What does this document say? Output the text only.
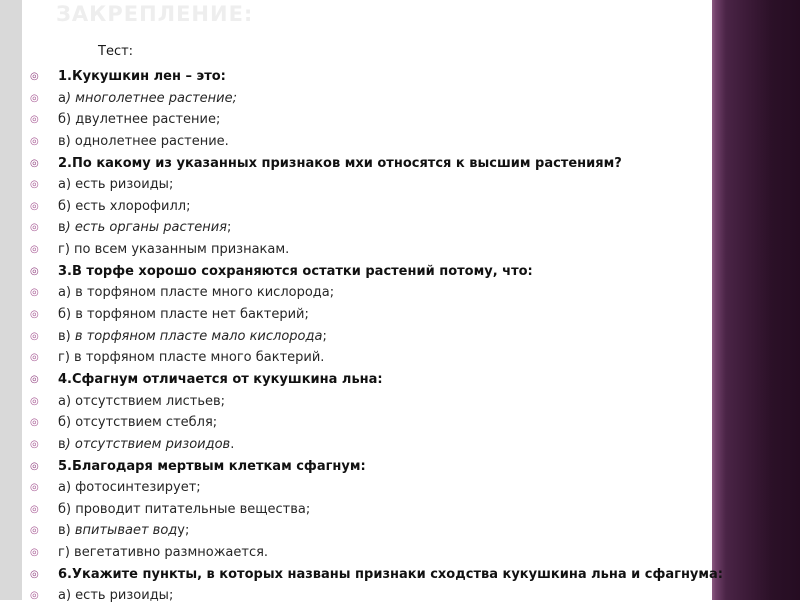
ЗАКРЕПЛЕНИЕ:

Тест:

◎ 1.Кукушкин лен – это:
◎ а) многолетнее растение;
◎ б) двулетнее растение;
◎ в) однолетнее растение.
◎ 2.По какому из указанных признаков мхи относятся к высшим растениям?
◎ а) есть ризоиды;
◎ б) есть хлорофилл;
◎ в) есть органы растения;
◎ г) по всем указанным признакам.
◎ 3.В торфе хорошо сохраняются остатки растений потому, что:
◎ а) в торфяном пласте много кислорода;
◎ б) в торфяном пласте нет бактерий;
◎ в) в торфяном пласте мало кислорода;
◎ г) в торфяном пласте много бактерий.
◎ 4.Сфагнум отличается от кукушкина льна:
◎ а) отсутствием листьев;
◎ б) отсутствием стебля;
◎ в) отсутствием ризоидов.
◎ 5.Благодаря мертвым клеткам сфагнум:
◎ а) фотосинтезирует;
◎ б) проводит питательные вещества;
◎ в) впитывает воду;
◎ г) вегетативно размножается.
◎ 6.Укажите пункты, в которых названы признаки сходства кукушкина льна и сфагнума:
◎ а) есть ризоиды;
